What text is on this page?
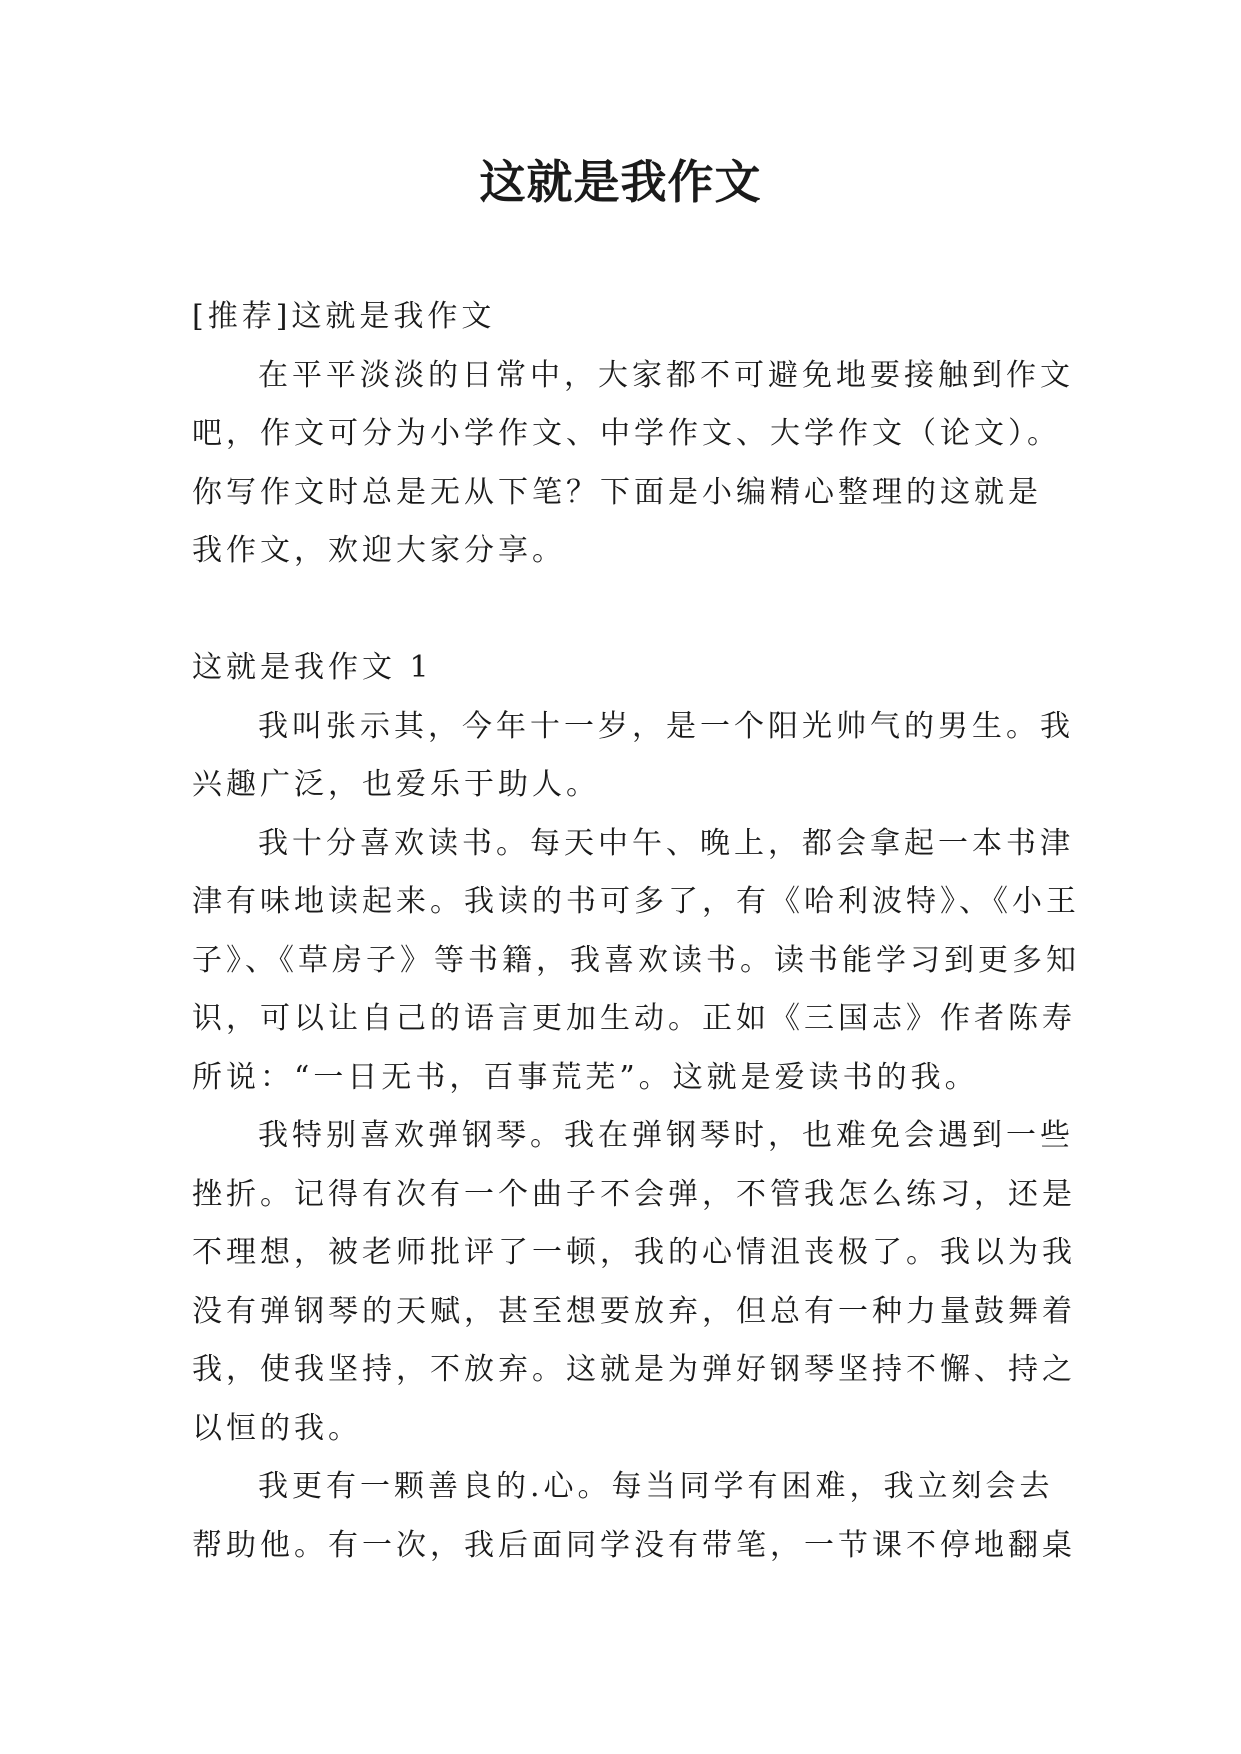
这就是我作文
[推荐]这就是我作文
在平平淡淡的日常中，大家都不可避免地要接触到作文
吧，作文可分为小学作文、中学作文、大学作文（论文）。
你写作文时总是无从下笔？下面是小编精心整理的这就是
我作文，欢迎大家分享。
这就是我作文 1
我叫张示其，今年十一岁，是一个阳光帅气的男生。我
兴趣广泛，也爱乐于助人。
我十分喜欢读书。每天中午、晚上，都会拿起一本书津
津有味地读起来。我读的书可多了，有《哈利波特》、《小王
子》、《草房子》等书籍，我喜欢读书。读书能学习到更多知
识，可以让自己的语言更加生动。正如《三国志》作者陈寿
所说：“一日无书，百事荒芜”。这就是爱读书的我。
我特别喜欢弹钢琴。我在弹钢琴时，也难免会遇到一些
挫折。记得有次有一个曲子不会弹，不管我怎么练习，还是
不理想，被老师批评了一顿，我的心情沮丧极了。我以为我
没有弹钢琴的天赋，甚至想要放弃，但总有一种力量鼓舞着
我，使我坚持，不放弃。这就是为弹好钢琴坚持不懈、持之
以恒的我。
我更有一颗善良的.心。每当同学有困难，我立刻会去
帮助他。有一次，我后面同学没有带笔，一节课不停地翻桌
